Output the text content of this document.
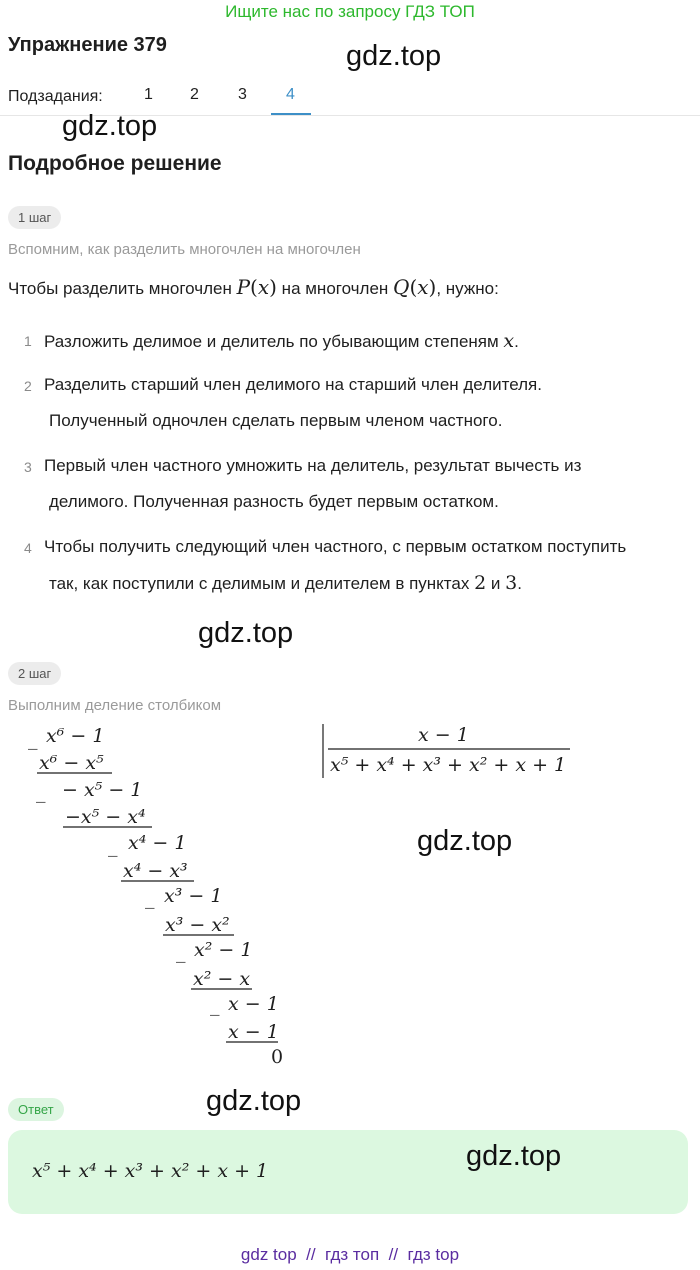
Ищите нас по запросу ГДЗ ТОП
Упражнение 379	gdz.top
Подзадания:	1 2 3 4
gdz.top
Подробное решение
1 шаг
Вспомним, как разделить многочлен на многочлен
Чтобы разделить многочлен P(x) на многочлен Q(x), нужно:
1 Разложить делимое и делитель по убывающим степеням x.
2 Разделить старший член делимого на старший член делителя.
Полученный одночлен сделать первым членом частного.
3 Первый член частного умножить на делитель, результат вычесть из
делимого. Полученная разность будет первым остатком.
4 Чтобы получить следующий член частного, с первым остатком поступить
так, как поступили с делимым и делителем в пунктах 2 и 3.
gdz.top
2 шаг
Выполним деление столбиком
_ x⁶ − 1
x⁶ − x⁵
_ − x⁵ − 1
−x⁵ − x⁴
_ x⁴ − 1
x⁴ − x³
_ x³ − 1
x³ − x²
_ x² − 1
x² − x
_ x − 1
x − 1
0
x − 1
x⁵ + x⁴ + x³ + x² + x + 1
gdz.top
gdz.top
Ответ
x⁵ + x⁴ + x³ + x² + x + 1	gdz.top
gdz top // гдз топ // гдз top
